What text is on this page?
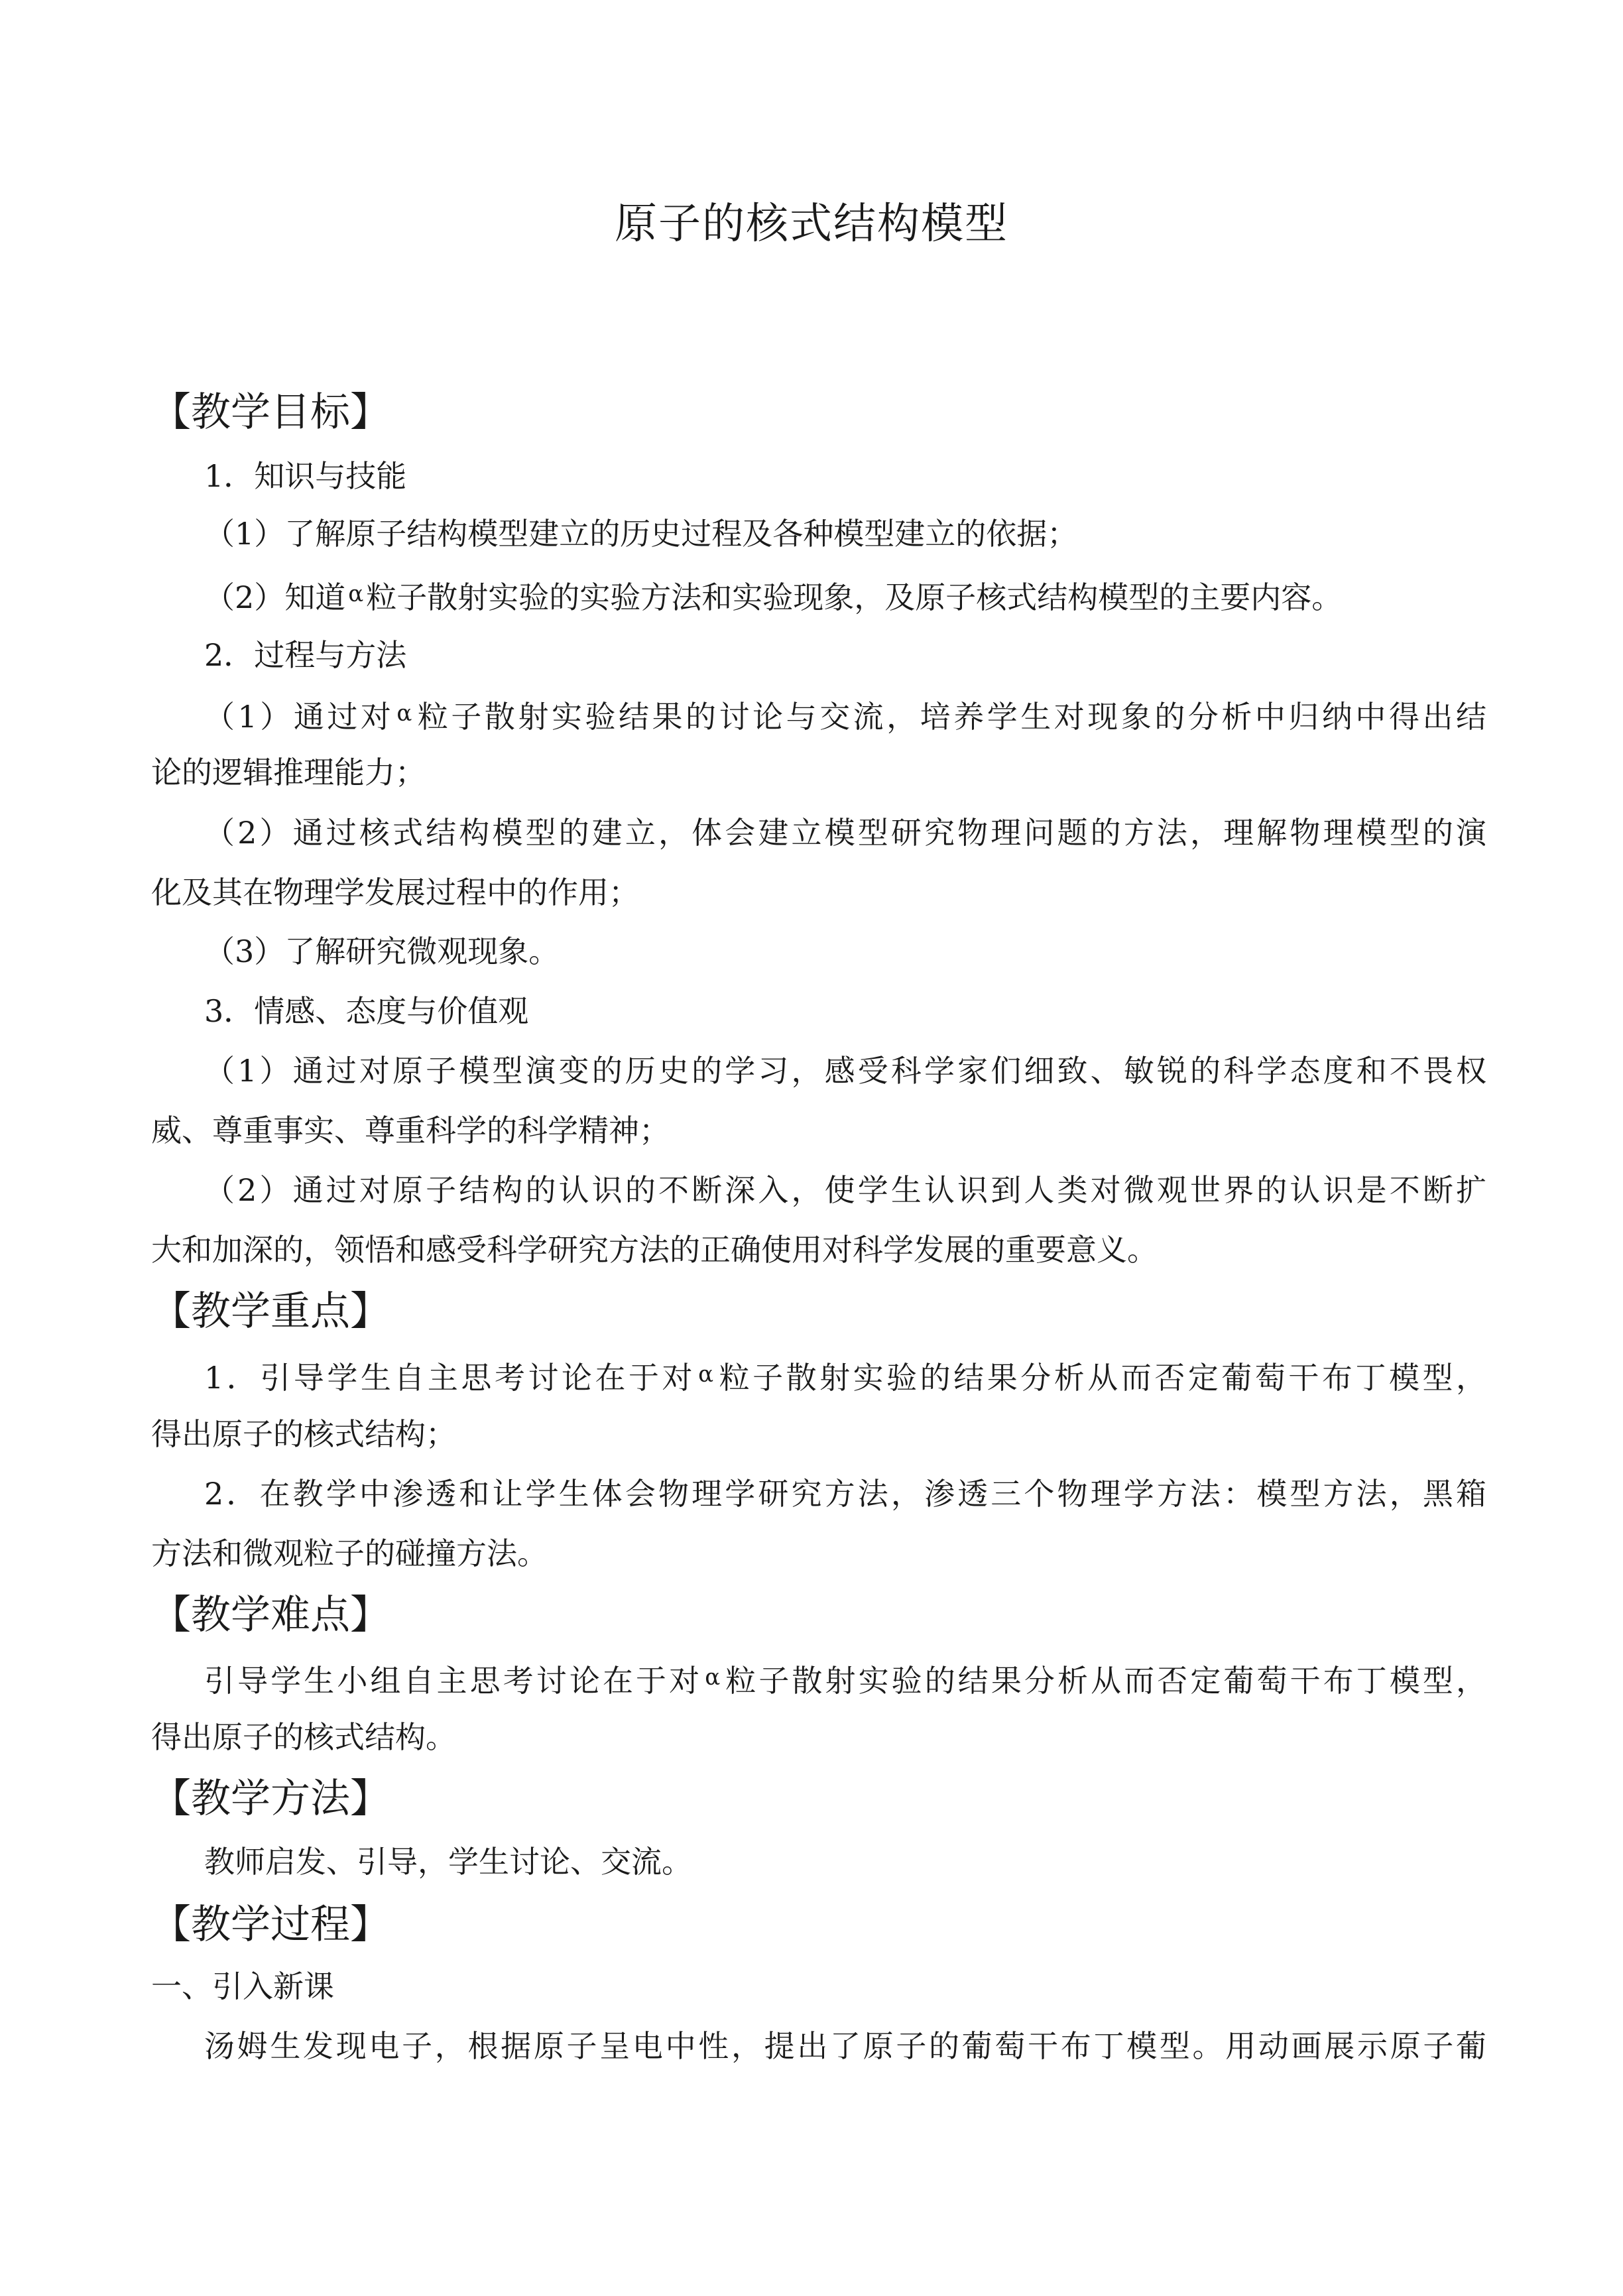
原子的核式结构模型
【教学目标】
1．知识与技能
（1）了解原子结构模型建立的历史过程及各种模型建立的依据；
（2）知道 $^\alpha$粒子散射实验的实验方法和实验现象，及原子核式结构模型的主要内容。
2．过程与方法
（1）通过对 $^\alpha$粒子散射实验结果的讨论与交流，培养学生对现象的分析中归纳中得出结
论的逻辑推理能力；
（2）通过核式结构模型的建立，体会建立模型研究物理问题的方法，理解物理模型的演
化及其在物理学发展过程中的作用；
（3）了解研究微观现象。
3．情感、态度与价值观
（1）通过对原子模型演变的历史的学习，感受科学家们细致、敏锐的科学态度和不畏权
威、尊重事实、尊重科学的科学精神；
（2）通过对原子结构的认识的不断深入，使学生认识到人类对微观世界的认识是不断扩
大和加深的，领悟和感受科学研究方法的正确使用对科学发展的重要意义。
【教学重点】
1．引导学生自主思考讨论在于对 $^\alpha$粒子散射实验的结果分析从而否定葡萄干布丁模型，
得出原子的核式结构；
2．在教学中渗透和让学生体会物理学研究方法，渗透三个物理学方法：模型方法，黑箱
方法和微观粒子的碰撞方法。
【教学难点】
引导学生小组自主思考讨论在于对 $^\alpha$粒子散射实验的结果分析从而否定葡萄干布丁模型，
得出原子的核式结构。
【教学方法】
教师启发、引导，学生讨论、交流。
【教学过程】
一、引入新课
汤姆生发现电子，根据原子呈电中性，提出了原子的葡萄干布丁模型。用动画展示原子葡
